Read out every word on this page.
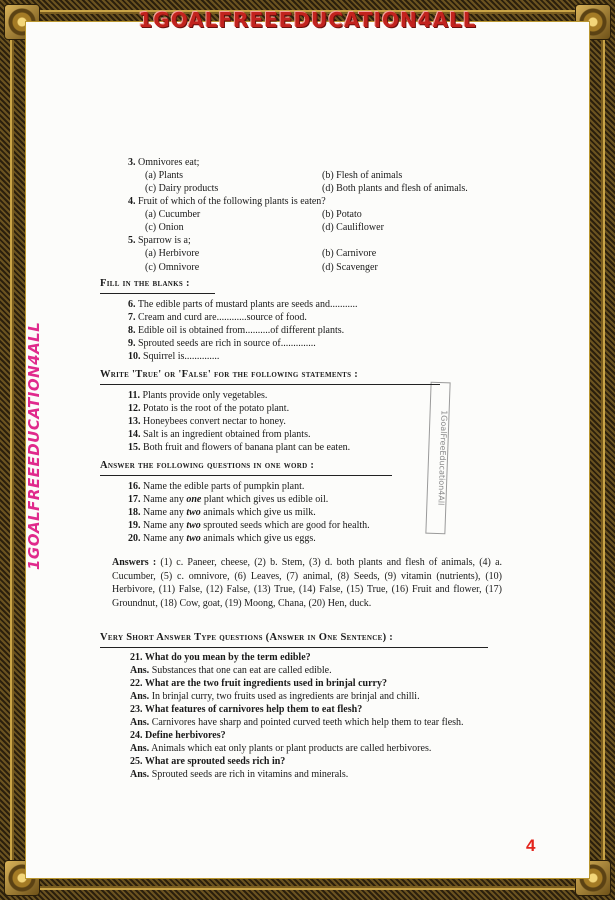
1GOALFREEEDUCATION4ALL
1GOALFREEEDUCATION4ALL	1GoalFreeEducation4All
3. Omnivores eat;
(a) Plants	(b) Flesh of animals
(c) Dairy products	(d) Both plants and flesh of animals.
4. Fruit of which of the following plants is eaten?
(a) Cucumber	(b) Potato
(c) Onion	(d) Cauliflower
5. Sparrow is a;
(a) Herbivore	(b) Carnivore
(c) Omnivore	(d) Scavenger
Fill in the blanks :
6. The edible parts of mustard plants are seeds and...........
7. Cream and curd are............source of food.
8. Edible oil is obtained from..........of different plants.
9. Sprouted seeds are rich in source of..............
10. Squirrel is..............
Write 'True' or 'False' for the following statements :
11. Plants provide only vegetables.
12. Potato is the root of the potato plant.
13. Honeybees convert nectar to honey.
14. Salt is an ingredient obtained from plants.
15. Both fruit and flowers of banana plant can be eaten.
Answer the following questions in one word :
16. Name the edible parts of pumpkin plant.
17. Name any one plant which gives us edible oil.
18. Name any two animals which give us milk.
19. Name any two sprouted seeds which are good for health.
20. Name any two animals which give us eggs.
Answers : (1) c. Paneer, cheese, (2) b. Stem, (3) d. both plants and flesh of animals, (4) a. Cucumber, (5) c. omnivore, (6) Leaves, (7) animal, (8) Seeds, (9) vitamin (nutrients), (10) Herbivore, (11) False, (12) False, (13) True, (14) False, (15) True, (16) Fruit and flower, (17) Groundnut, (18) Cow, goat, (19) Moong, Chana, (20) Hen, duck.
Very Short Answer Type questions (Answer in One Sentence) :
21. What do you mean by the term edible?
Ans. Substances that one can eat are called edible.
22. What are the two fruit ingredients used in brinjal curry?
Ans. In brinjal curry, two fruits used as ingredients are brinjal and chilli.
23. What features of carnivores help them to eat flesh?
Ans. Carnivores have sharp and pointed curved teeth which help them to tear flesh.
24. Define herbivores?
Ans. Animals which eat only plants or plant products are called herbivores.
25. What are sprouted seeds rich in?
Ans. Sprouted seeds are rich in vitamins and minerals.
4
